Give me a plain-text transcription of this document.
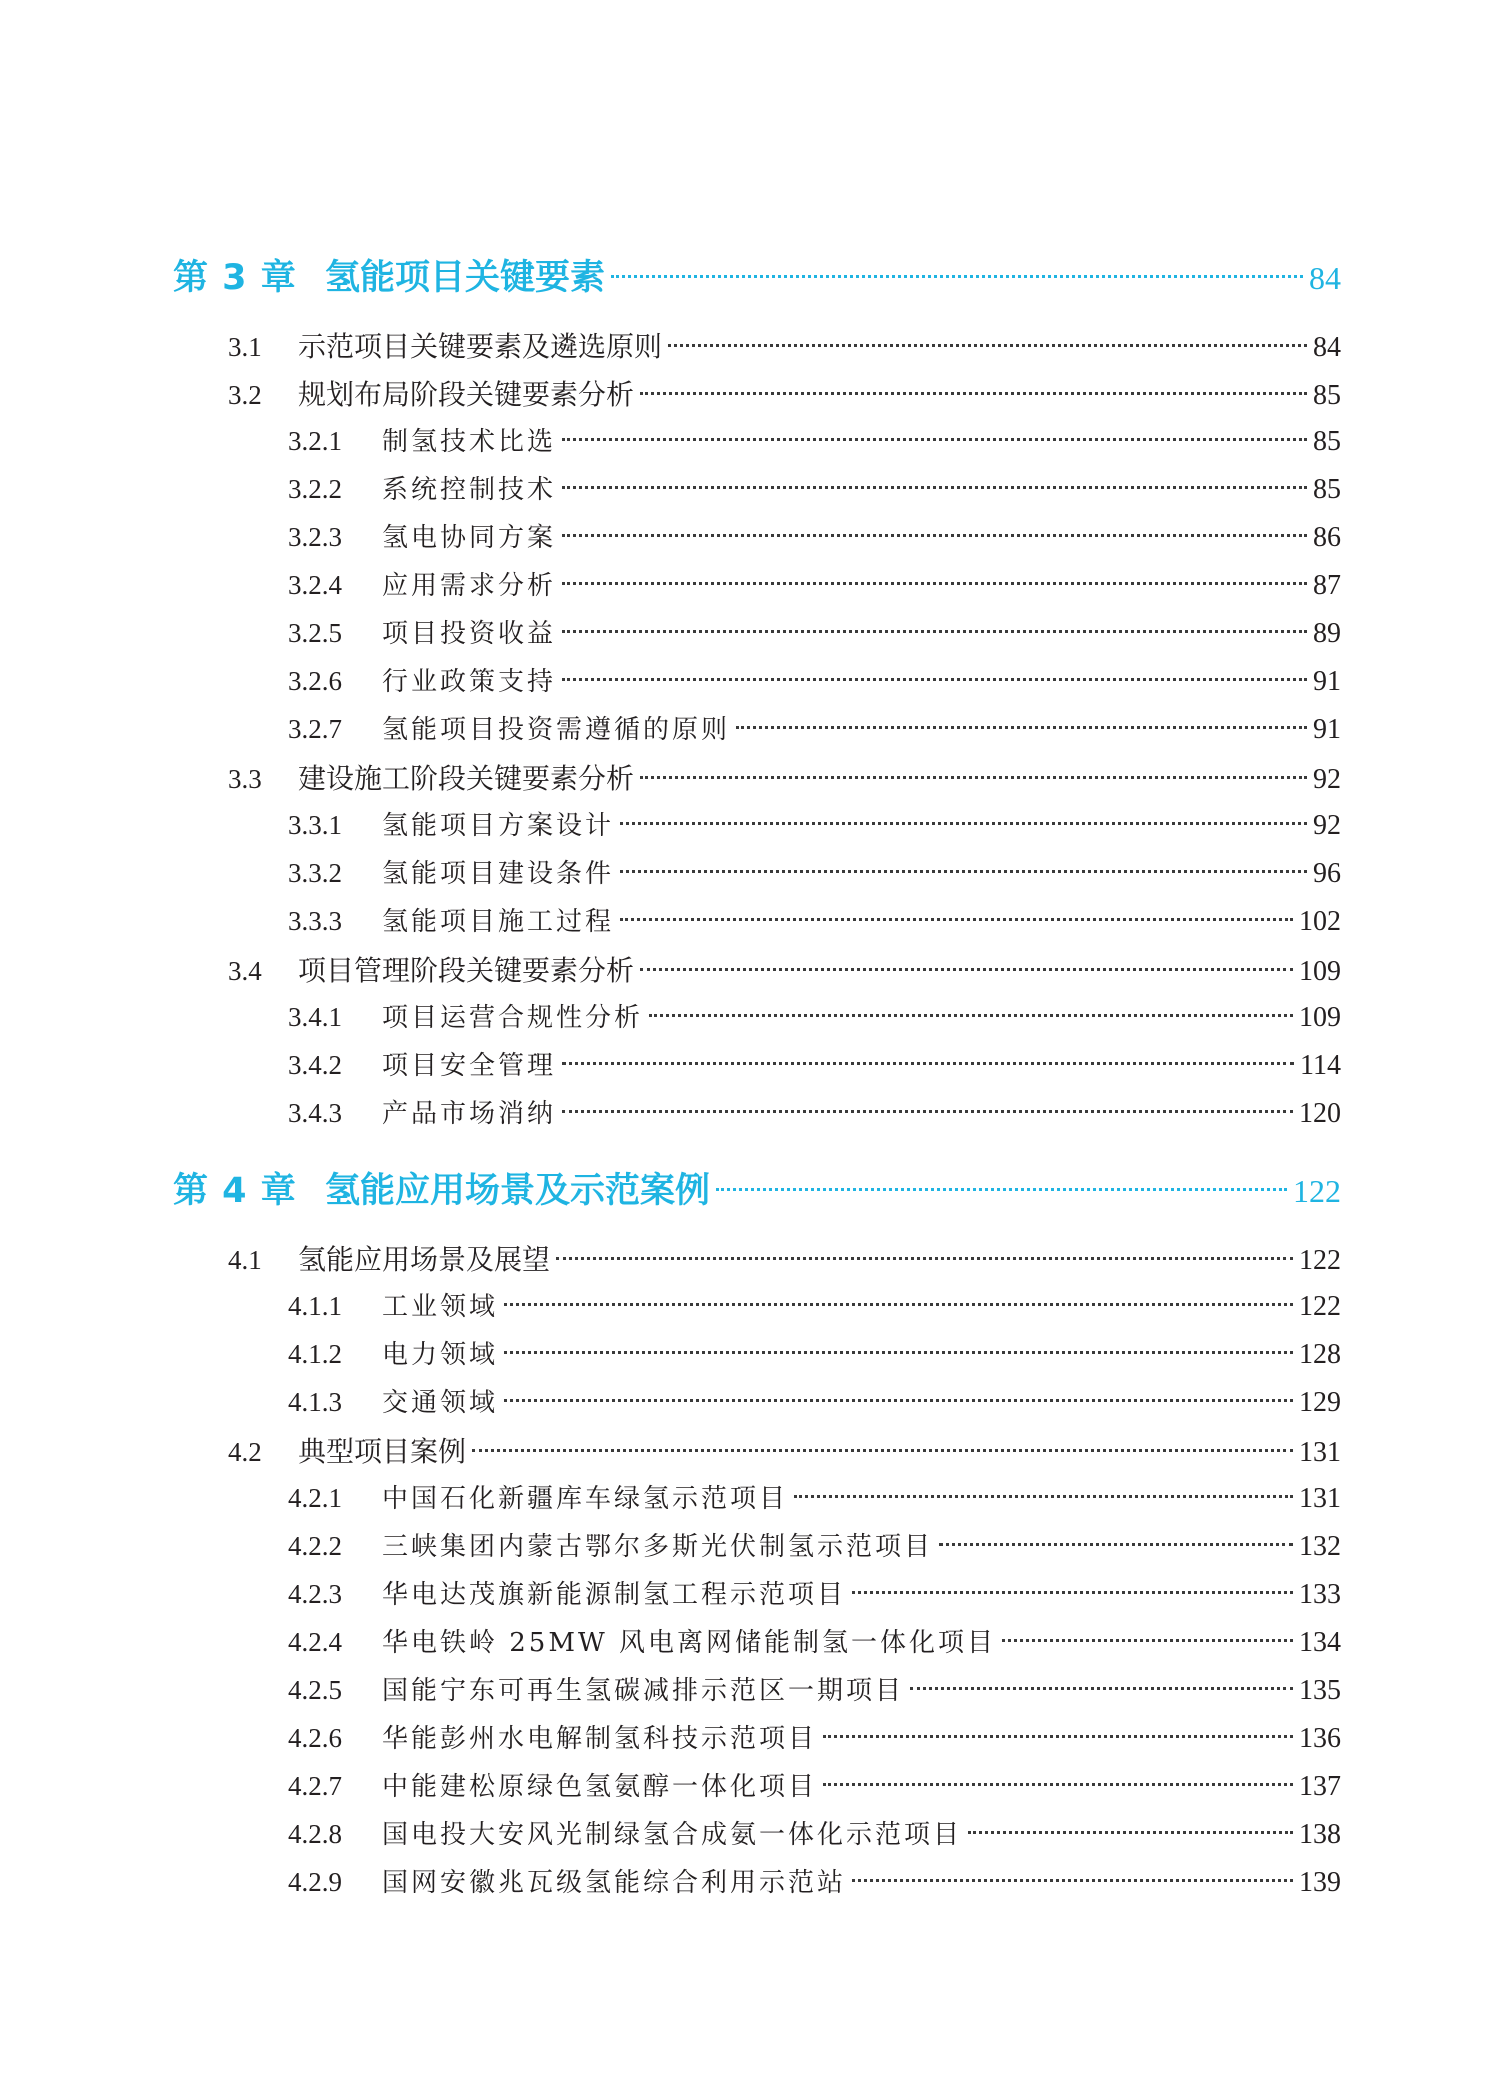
第 3 章 氢能项目关键要素	84
3.1	示范项目关键要素及遴选原则	84
3.2	规划布局阶段关键要素分析	85
3.2.1	制氢技术比选	85
3.2.2	系统控制技术	85
3.2.3	氢电协同方案	86
3.2.4	应用需求分析	87
3.2.5	项目投资收益	89
3.2.6	行业政策支持	91
3.2.7	氢能项目投资需遵循的原则	91
3.3	建设施工阶段关键要素分析	92
3.3.1	氢能项目方案设计	92
3.3.2	氢能项目建设条件	96
3.3.3	氢能项目施工过程	102
3.4	项目管理阶段关键要素分析	109
3.4.1	项目运营合规性分析	109
3.4.2	项目安全管理	114
3.4.3	产品市场消纳	120
第 4 章 氢能应用场景及示范案例	122
4.1	氢能应用场景及展望	122
4.1.1	工业领域	122
4.1.2	电力领域	128
4.1.3	交通领域	129
4.2	典型项目案例	131
4.2.1	中国石化新疆库车绿氢示范项目	131
4.2.2	三峡集团内蒙古鄂尔多斯光伏制氢示范项目	132
4.2.3	华电达茂旗新能源制氢工程示范项目	133
4.2.4	华电铁岭 25MW 风电离网储能制氢一体化项目	134
4.2.5	国能宁东可再生氢碳减排示范区一期项目	135
4.2.6	华能彭州水电解制氢科技示范项目	136
4.2.7	中能建松原绿色氢氨醇一体化项目	137
4.2.8	国电投大安风光制绿氢合成氨一体化示范项目	138
4.2.9	国网安徽兆瓦级氢能综合利用示范站	139
